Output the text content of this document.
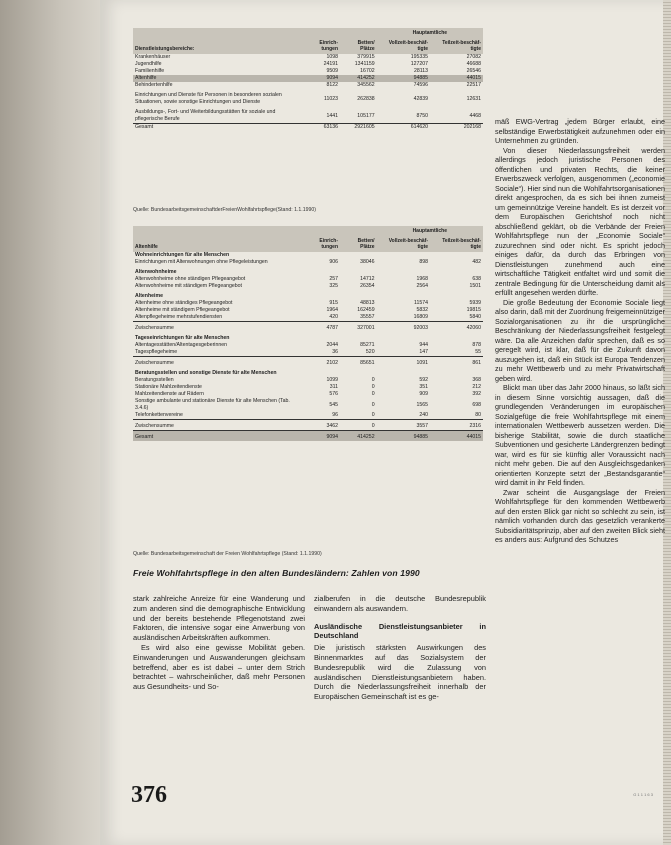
Dienstleistungsbereiche:	Einrich-tungen	Betten/ Plätze	Hauptamtliche	
			Vollzeit-beschäf-tigte	Teilzeit-beschäf-tigte
Krankenhäuser	1098	379915	195335	27082
Jugendhilfe	24191	1341159	127207	46688
Familienhilfe	9509	16702	28113	26546
Altenhilfe	9094	414252	94885	44015
Behindertenhilfe	8122	345562	74596	22517
Einrichtungen und Dienste für Personen in besonderen sozialen Situationen, sowie sonstige Einrichtungen und Dienste	11023	262838	42839	12631
Ausbildungs-, Fort- und Weiterbildungsstätten für soziale und pflegerische Berufe	1441	105177	8750	4468
Gesamt	63136	2921605	614620	202168
Quelle: BundesarbeitsgemeinschaftderFreienWohlfahrtspflege(Stand: 1.1.1990)
Altenhilfe	Einrich-tungen	Betten/ Plätze	Hauptamtliche	
			Vollzeit-beschäf-tigte	Teilzeit-beschäf-tigte
Wohneinrichtungen für alte Menschen				
Einrichtungen mit Altenwohnungen ohne Pflegeleistungen	906	38046	898	482
Altenwohnheime				
Altenwohnheime ohne ständigen Pflegeangebot	257	14712	1968	638
Altenwohnheime mit ständigem Pflegeangebot	325	26354	2564	1501
Altenheime				
Altenheime ohne ständiges Pflegeangebot	915	48813	11574	5939
Altenheime mit ständigem Pflegeangebot	1964	162459	5832	19815
Altenpflegeheime mehrstufendiensten	420	35557	16809	5840
Zwischensumme	4787	327001	92003	42060
Tageseinrichtungen für alte Menschen				
Altentagesstätten/Altentagesgeberinnen	2044	85271	944	878
Tagespflegeheime	36	520	147	55
Zwischensumme	2102	85651	1091	861
Beratungsstellen und sonstige Dienste für alte Menschen				
Beratungsstellen	1099	0	592	368
Stationäre Mahlzeitendienste	311	0	351	212
Mahlzeitendienste auf Rädern	576	0	909	392
Sonstige ambulante und stationäre Dienste für alte Menschen (Tab. 3.4.6)	545	0	1565	698
Telefonkettenvereine	96	0	240	80
Zwischensumme	3462	0	3557	2316
Gesamt	9094	414252	94885	44015
Quelle: Bundesarbeitsgemeinschaft der Freien Wohlfahrtspflege (Stand: 1.1.1990)
Freie Wohlfahrtspflege in den alten Bundesländern: Zahlen von 1990

stark zahlreiche Anreize für eine Wanderung und zum anderen sind die demographische Entwicklung und der bereits bestehende Pflegenotstand zwei Faktoren, die intensive sogar eine Anwerbung von ausländischen Arbeitskräften aufkommen.

Es wird also eine gewisse Mobilität geben. Einwanderungen und Auswanderungen gleichsam betreffend, aber es ist dabei – unter dem Strich betrachtet – wahrscheinlicher, daß mehr Personen aus Gesundheits- und So-

zialberufen in die deutsche Bundesrepublik einwandern als auswandern.

Ausländische Dienstleistungsanbieter in Deutschland

Die juristisch stärksten Auswirkungen des Binnenmarktes auf das Sozialsystem der Bundesrepublik wird die Zulassung von ausländischen Dienstleistungsanbietern haben. Durch die Niederlassungsfreiheit innerhalb der Europäischen Gemeinschaft ist es ge-

mäß EWG-Vertrag „jedem Bürger erlaubt, eine selbständige Erwerbstätigkeit aufzunehmen oder ein Unternehmen zu gründen.

Von dieser Niederlassungsfreiheit werden allerdings jedoch juristische Personen des öffentlichen und privaten Rechts, die keiner Erwerbszweck verfolgen, ausgenommen („economie Sociale“). Hier sind nun die Wohlfahrtsorganisationen direkt angesprochen, da es sich bei ihnen zumeist um gemeinnützige Vereine handelt. Es ist derzeit vor dem Europäischen Gerichtshof noch nicht abschließend geklärt, ob die Verbände der Freien Wohlfahrtspflege nun der „Economie Sociale“ zuzurechnen sind oder nicht. Es spricht jedoch einiges dafür, da durch das Erbringen von Dienstleistungen zunehmend auch eine wirtschaftliche Tätigkeit entfaltet wird und somit die zentrale Bedingung für die Unterscheidung damit als erfüllt angesehen werden dürfte.

Die große Bedeutung der Economie Sociale liegt also darin, daß mit der Zuordnung freigemeinnütziger Sozialorganisationen zu ihr die ursprüngliche Beschränkung der Niederlassungsfreiheit festgelegt wäre. Da alle Anzeichen dafür sprechen, daß es so geregelt wird, ist klar, daß für die Zukunft davon auszugehen ist, daß ein Stück ist Europa Tendenzen zu mehr Wettbewerb und zu mehr Privatwirtschaft geben wird.

Blickt man über das Jahr 2000 hinaus, so läßt sich in diesem Sinne vorsichtig aussagen, daß die grundlegenden Veränderungen im europäischen Sozialgefüge die freie Wohlfahrtspflege mit einem internationalen Wettbewerb aussetzen werden. Die bisherige Stabilität, sowie die durch staatliche Subventionen und gesicherte Ländergrenzen bedingt war, wird es für sie künftig aller Voraussicht nach nicht mehr geben. Die auf den Ausgleichsgedanken orientierten Konzepte setzt der „Bestandsgarantie“ wird damit in ihr Feld finden.

Zwar scheint die Ausgangslage der Freien Wohlfahrtspflege für den kommenden Wettbewerb auf den ersten Blick gar nicht so schlecht zu sein, ist nämlich vorhanden durch das gesetzlich verankerte Subsidiaritätsprinzip, aber auf den zweiten Blick sieht es anders aus: Aufgrund des Schutzes

376	G 1 1 1 6 3
